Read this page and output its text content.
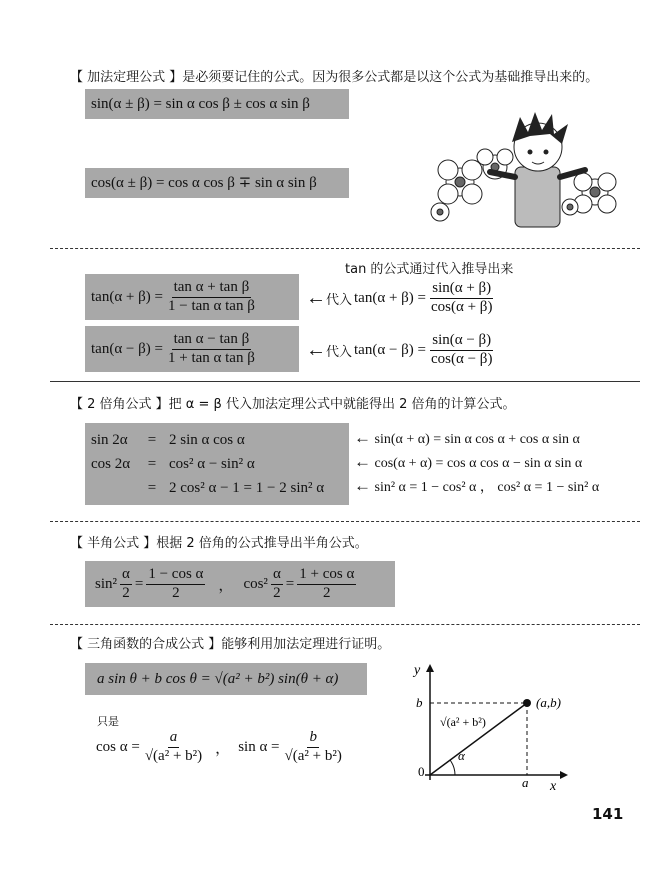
【 加法定理公式 】是必须要记住的公式。因为很多公式都是以这个公式为基础推导出来的。
sin(α ± β) = sin α cos β ± cos α sin β
cos(α ± β) = cos α cos β ∓ sin α sin β
tan 的公式通过代入推导出来
$\tan(\alpha + \beta) = \frac{\text{tan α + tan β}}{\text{1 − tan α tan β}}$ ← 代入 $\tan(\alpha + \beta) = \frac{\sin(\alpha + \beta)}{\cos(\alpha + \beta)}$
$\tan(\alpha - \beta) = \frac{\text{tan α − tan β}}{\text{1 + tan α tan β}}$ ← 代入 $\tan(\alpha - \beta) = \frac{\sin(\alpha - \beta)}{\cos(\alpha - \beta)}$
【 2 倍角公式 】把 α = β 代入加法定理公式中就能得出 2 倍角的计算公式。
sin 2α = 2 sin α cos α
cos 2α = cos² α − sin² α
= 2 cos² α − 1 = 1 − 2 sin² α
← sin(α + α) = sin α cos α + cos α sin α
← cos(α + α) = cos α cos α − sin α sin α
← sin² α = 1 − cos² α ， cos² α = 1 − sin² α
【 半角公式 】根据 2 倍角的公式推导出半角公式。
$\sin^2 \frac{\alpha}{2} = \frac{\text{1 − cos α}}{2}$ ， $\cos^2 \frac{\alpha}{2} = \frac{\text{1 + cos α}}{2}$
【 三角函数的合成公式 】能够利用加法定理进行证明。
a sin θ + b cos θ = √(a² + b²) sin(θ + α)
只是
$\cos \alpha = \frac{a}{\text{√(a² + b²)}}$ ， $\sin \alpha = \frac{b}{\text{√(a² + b²)}}$
y
x
0
b
a
(a,b)
√(a² + b²)
α
141
